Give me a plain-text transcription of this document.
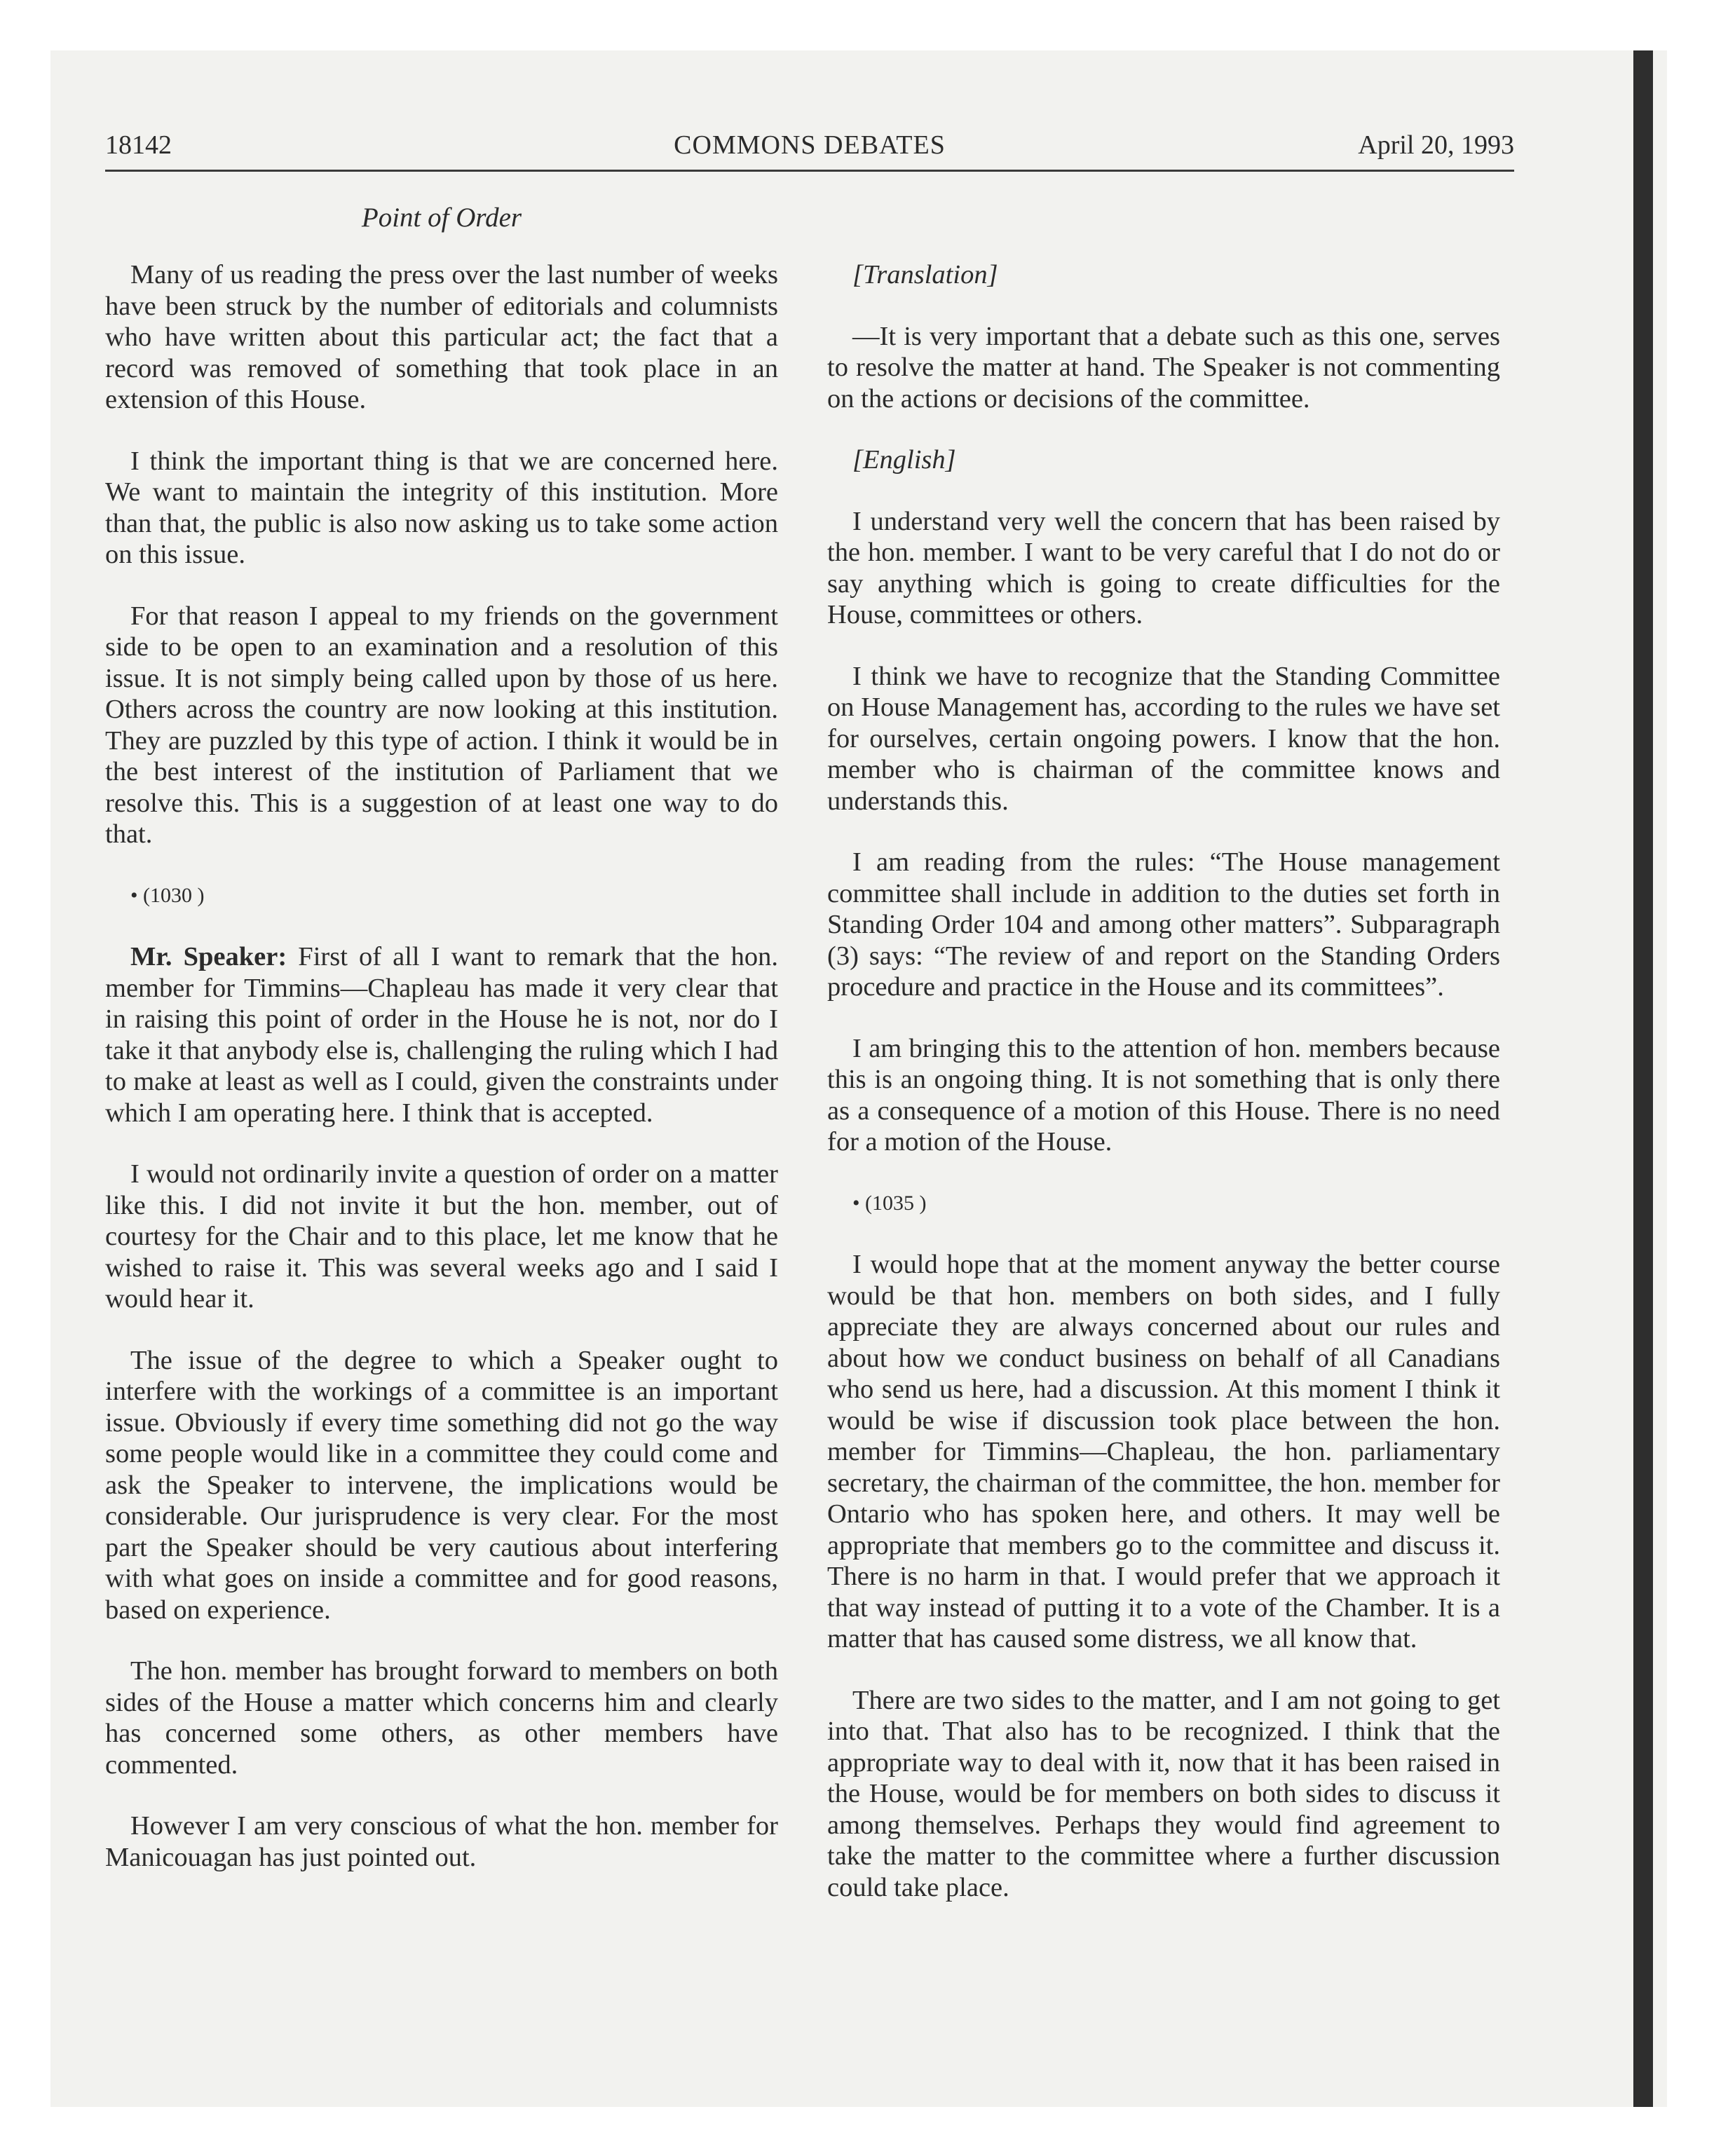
18142	COMMONS DEBATES	April 20, 1993
Point of Order

Many of us reading the press over the last number of weeks have been struck by the number of editorials and columnists who have written about this particular act; the fact that a record was removed of something that took place in an extension of this House.

I think the important thing is that we are concerned here. We want to maintain the integrity of this institution. More than that, the public is also now asking us to take some action on this issue.

For that reason I appeal to my friends on the government side to be open to an examination and a resolution of this issue. It is not simply being called upon by those of us here. Others across the country are now looking at this institution. They are puzzled by this type of action. I think it would be in the best interest of the institution of Parliament that we resolve this. This is a suggestion of at least one way to do that.

• (1030 )

Mr. Speaker: First of all I want to remark that the hon. member for Timmins—Chapleau has made it very clear that in raising this point of order in the House he is not, nor do I take it that anybody else is, challenging the ruling which I had to make at least as well as I could, given the constraints under which I am operating here. I think that is accepted.

I would not ordinarily invite a question of order on a matter like this. I did not invite it but the hon. member, out of courtesy for the Chair and to this place, let me know that he wished to raise it. This was several weeks ago and I said I would hear it.

The issue of the degree to which a Speaker ought to interfere with the workings of a committee is an important issue. Obviously if every time something did not go the way some people would like in a committee they could come and ask the Speaker to intervene, the implications would be considerable. Our jurisprudence is very clear. For the most part the Speaker should be very cautious about interfering with what goes on inside a committee and for good reasons, based on experience.

The hon. member has brought forward to members on both sides of the House a matter which concerns him and clearly has concerned some others, as other members have commented.

However I am very conscious of what the hon. member for Manicouagan has just pointed out.

[Translation]

—It is very important that a debate such as this one, serves to resolve the matter at hand. The Speaker is not commenting on the actions or decisions of the committee.

[English]

I understand very well the concern that has been raised by the hon. member. I want to be very careful that I do not do or say anything which is going to create difficulties for the House, committees or others.

I think we have to recognize that the Standing Committee on House Management has, according to the rules we have set for ourselves, certain ongoing powers. I know that the hon. member who is chairman of the committee knows and understands this.

I am reading from the rules: “The House management committee shall include in addition to the duties set forth in Standing Order 104 and among other matters”. Subparagraph (3) says: “The review of and report on the Standing Orders procedure and practice in the House and its committees”.

I am bringing this to the attention of hon. members because this is an ongoing thing. It is not something that is only there as a consequence of a motion of this House. There is no need for a motion of the House.

• (1035 )

I would hope that at the moment anyway the better course would be that hon. members on both sides, and I fully appreciate they are always concerned about our rules and about how we conduct business on behalf of all Canadians who send us here, had a discussion. At this moment I think it would be wise if discussion took place between the hon. member for Timmins—Chapleau, the hon. parliamentary secretary, the chairman of the committee, the hon. member for Ontario who has spoken here, and others. It may well be appropriate that members go to the committee and discuss it. There is no harm in that. I would prefer that we approach it that way instead of putting it to a vote of the Chamber. It is a matter that has caused some distress, we all know that.

There are two sides to the matter, and I am not going to get into that. That also has to be recognized. I think that the appropriate way to deal with it, now that it has been raised in the House, would be for members on both sides to discuss it among themselves. Perhaps they would find agreement to take the matter to the committee where a further discussion could take place.
